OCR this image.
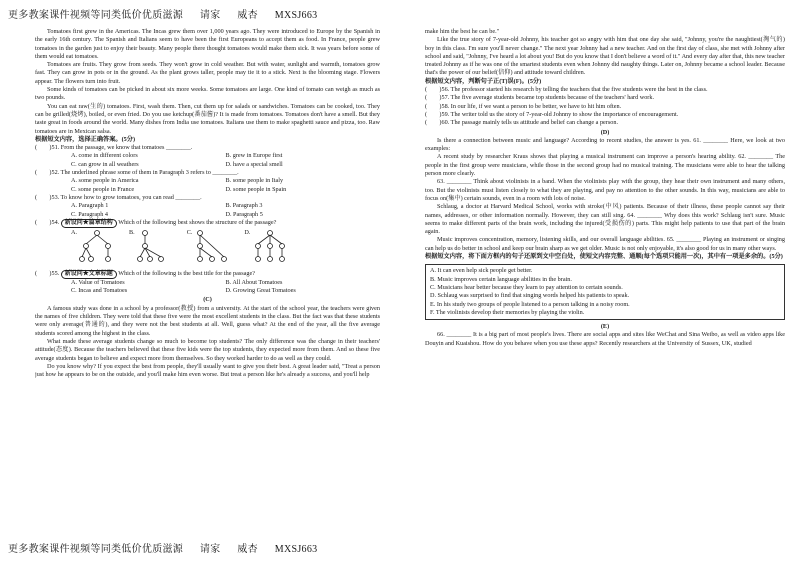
更多教案课件视频等同类低价优质滋源 请家 威杏 MXSJ663

Tomatoes first grew in the Americas. The Incas grew them over 1,000 years ago. They were introduced to Europe by the Spanish in the early 16th century. The Spanish and Italians seem to have been the first Europeans to accept them as food. In France, people grew tomatoes in the garden just to enjoy their beauty. Many people there thought tomatoes would make them sick. It was years before some of them would eat tomatoes.

Tomatoes are fruits. They grow from seeds. They won't grow in cold weather. But with water, sunlight and warmth, tomatoes grow fast. They can grow in pots or in the ground. As the plant grows taller, people may tie it to a stick. Next is the blooming stage. Flowers appear. The flowers turn into fruit.

Some kinds of tomatoes can be picked in about six more weeks. Some tomatoes are large. One kind of tomato can weigh as much as two pounds.

You can eat raw(生的) tomatoes. First, wash them. Then, cut them up for salads or sandwiches. Tomatoes can be cooked, too. They can be grilled(烧烤), boiled, or even fried. Do you use ketchup(番茄酱)? It is made from tomatoes. Tomatoes don't have a smell. But they taste great in foods around the world. Many dishes from India use tomatoes. Italians use them to make spaghetti sauce and pizza, too. Raw tomatoes are in Mexican salsa.

根据短文内容，选择正确答案。(5分)

(　　)51. From the passage, we know that tomatoes ________.

A. come in different colors	B. grew in Europe first
C. can grow in all weathers	D. have a special smell

(　　)52. The underlined phrase some of them in Paragraph 3 refers to ________.

A. some people in America	B. some people in Italy
C. some people in France	D. some people in Spain

(　　)53. To know how to grow tomatoes, you can read ________.

A. Paragraph 1	B. Paragraph 3
C. Paragraph 4	D. Paragraph 5

(　　)54. 新设问★篇章结构 Which of the following best shows the structure of the passage?

A.	B.	C.	D.

(　　)55. 新设问★文章标题 Which of the following is the best title for the passage?

A. Value of Tomatoes	B. All About Tomatoes
C. Incas and Tomatoes	D. Growing Great Tomatoes

(C)

A famous study was done in a school by a professor(教授) from a university. At the start of the school year, the teachers were given the names of five children. They were told that these five were the most excellent students in the class. But the fact was that these students were only average(普通的), and they were not the best students at all. Well, guess what? At the end of the year, all the five average students scored among the highest in the class.

What made these average students change so much to become top students? The only difference was the change in their teachers' attitude(态度). Because the teachers believed that these five kids were the top students, they expected more from them. And so these five average students began to believe and expect more from themselves. So they worked harder to do as well as they could.

Do you know why? If you expect the best from people, they'll usually want to give you their best. A great leader said, "Treat a person just how he appears to be on the outside, and you'll make him even worse. But treat a person like he's already a success, and you'll help

make him the best he can be."

Like the true story of 7-year-old Johnny, his teacher got so angry with him that one day she said, "Johnny, you're the naughtiest(淘气的) boy in this class. I'm sure you'll never change." The next year Johnny had a new teacher. And on the first day of class, she met with Johnny after school and said, "Johnny, I've heard a lot about you! But do you know that I don't believe a word of it." And every day after that, this new teacher treated Johnny as if he was one of the smartest students even when Johnny did naughty things. Later on, Johnny became a school leader. Because that's the power of our belief(信仰) and attitude toward children.

根据短文内容，判断句子正(T)误(F)。(5分)

(　　)56. The professor started his research by telling the teachers that the five students were the best in the class.

(　　)57. The five average students became top students because of the teachers' hard work.

(　　)58. In our life, if we want a person to be better, we have to hit him often.

(　　)59. The writer told us the story of 7-year-old Johnny to show the importance of encouragement.

(　　)60. The passage mainly tells us attitude and belief can change a person.

(D)

Is there a connection between music and language? According to recent studies, the answer is yes. 61. ________ Here, we look at two examples:

A recent study by researcher Kraus shows that playing a musical instrument can improve a person's hearing ability. 62. ________ The people in the first group were musicians, while those in the second group had no musical training. The musicians were able to hear the talking person more clearly.

63. ________ Think about violinists in a band. When the violinists play with the group, they hear their own instrument and many others, too. But the violinists must listen closely to what they are playing, and pay no attention to the other sounds. In this way, musicians are able to focus on(集中) certain sounds, even in a room with lots of noise.

Schlaug, a doctor at Harvard Medical School, works with stroke(中风) patients. Because of their illness, these people cannot say their names, addresses, or other information normally. However, they can still sing. 64. ________ Why does this work? Schlaug isn't sure. Music seems to make different parts of the brain work, including the injured(受损伤的) parts. This might help patients to use that part of the brain again.

Music improves concentration, memory, listening skills, and our overall language abilities. 65. ________ Playing an instrument or singing can help us do better in school and keep our brain sharp as we get older. Music is not only enjoyable, it's also good for us in many other ways.

根据短文内容，将下面方框内的句子还原到文中空白处，使短文内容完整、通顺(每个选项只能用一次)，其中有一项是多余的。(5分)

A. It can even help sick people get better.

B. Music improves certain language abilities in the brain.

C. Musicians hear better because they learn to pay attention to certain sounds.

D. Schlaug was surprised to find that singing words helped his patients to speak.

E. In his study two groups of people listened to a person talking in a noisy room.

F. The violinists develop their memories by playing the violin.

(E)

66. ________ It is a big part of most people's lives. There are social apps and sites like WeChat and Sina Weibo, as well as video apps like Douyin and Kuaishou. How do you behave when you use these apps? Recently researchers at the University of Sussex, UK, studied

更多教案课件视频等同类低价优质滋源 请家 威杏 MXSJ663
